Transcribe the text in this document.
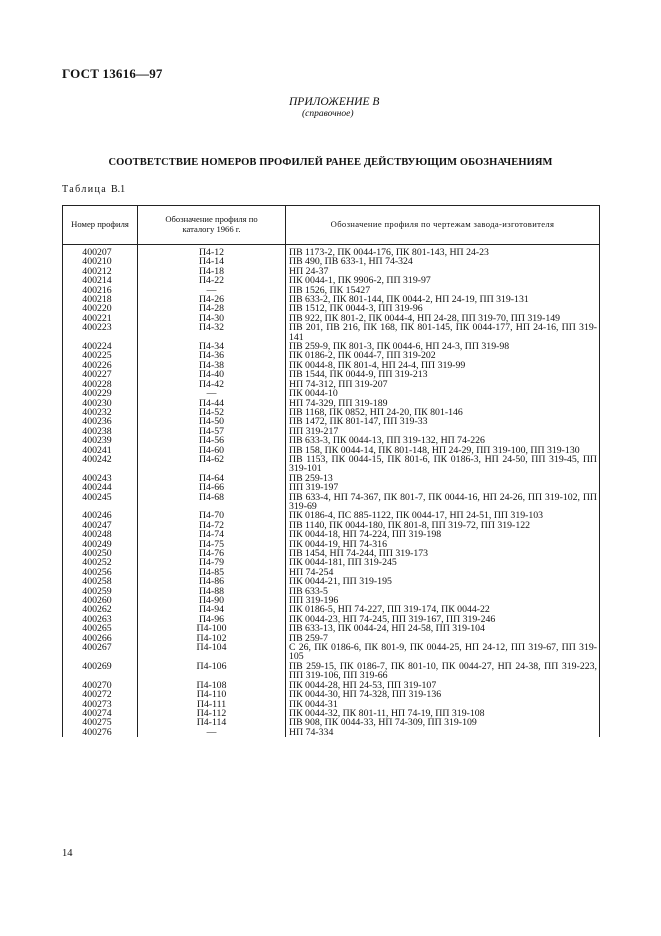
ГОСТ 13616—97
ПРИЛОЖЕНИЕ В
(справочное)
СООТВЕТСТВИЕ НОМЕРОВ ПРОФИЛЕЙ РАНЕЕ ДЕЙСТВУЮЩИМ ОБОЗНАЧЕНИЯМ
Таблица В.1
Номер профиля	Обозначение профиля по каталогу 1966 г.	Обозначение профиля по чертежам завода-изготовителя
400207	П4-12	ПВ 1173-2, ПК 0044-176, ПК 801-143, НП 24-23
400210	П4-14	ПВ 490, ПВ 633-1, НП 74-324
400212	П4-18	НП 24-37
400214	П4-22	ПК 0044-1, ПК 9906-2, ПП 319-97
400216	—	ПВ 1526, ПК 15427
400218	П4-26	ПВ 633-2, ПК 801-144, ПК 0044-2, НП 24-19, ПП 319-131
400220	П4-28	ПВ 1512, ПК 0044-3, ПП 319-96
400221	П4-30	ПВ 922, ПК 801-2, ПК 0044-4, НП 24-28, ПП 319-70, ПП 319-149
400223	П4-32	ПВ 201, ПВ 216, ПК 168, ПК 801-145, ПК 0044-177, НП 24-16, ПП 319-141
400224	П4-34	ПВ 259-9, ПК 801-3, ПК 0044-6, НП 24-3, ПП 319-98
400225	П4-36	ПК 0186-2, ПК 0044-7, ПП 319-202
400226	П4-38	ПК 0044-8, ПК 801-4, НП 24-4, ПП 319-99
400227	П4-40	ПВ 1544, ПК 0044-9, ПП 319-213
400228	П4-42	НП 74-312, ПП 319-207
400229	—	ПК 0044-10
400230	П4-44	НП 74-329, ПП 319-189
400232	П4-52	ПВ 1168, ПК 0852, НП 24-20, ПК 801-146
400236	П4-50	ПВ 1472, ПК 801-147, ПП 319-33
400238	П4-57	ПП 319-217
400239	П4-56	ПВ 633-3, ПК 0044-13, ПП 319-132, НП 74-226
400241	П4-60	ПВ 158, ПК 0044-14, ПК 801-148, НП 24-29, ПП 319-100, ПП 319-130
400242	П4-62	ПВ 1153, ПК 0044-15, ПК 801-6, ПК 0186-3, НП 24-50, ПП 319-45, ПП 319-101
400243	П4-64	ПВ 259-13
400244	П4-66	ПП 319-197
400245	П4-68	ПВ 633-4, НП 74-367, ПК 801-7, ПК 0044-16, НП 24-26, ПП 319-102, ПП 319-69
400246	П4-70	ПК 0186-4, ПС 885-1122, ПК 0044-17, НП 24-51, ПП 319-103
400247	П4-72	ПВ 1140, ПК 0044-180, ПК 801-8, ПП 319-72, ПП 319-122
400248	П4-74	ПК 0044-18, НП 74-224, ПП 319-198
400249	П4-75	ПК 0044-19, НП 74-316
400250	П4-76	ПВ 1454, НП 74-244, ПП 319-173
400252	П4-79	ПК 0044-181, ПП 319-245
400256	П4-85	НП 74-254
400258	П4-86	ПК 0044-21, ПП 319-195
400259	П4-88	ПВ 633-5
400260	П4-90	ПП 319-196
400262	П4-94	ПК 0186-5, НП 74-227, ПП 319-174, ПК 0044-22
400263	П4-96	ПК 0044-23, НП 74-245, ПП 319-167, ПП 319-246
400265	П4-100	ПВ 633-13, ПК 0044-24, НП 24-58, ПП 319-104
400266	П4-102	ПВ 259-7
400267	П4-104	С 26, ПК 0186-6, ПК 801-9, ПК 0044-25, НП 24-12, ПП 319-67, ПП 319-105
400269	П4-106	ПВ 259-15, ПК 0186-7, ПК 801-10, ПК 0044-27, НП 24-38, ПП 319-223, ПП 319-106, ПП 319-66
400270	П4-108	ПК 0044-28, НП 24-53, ПП 319-107
400272	П4-110	ПК 0044-30, НП 74-328, ПП 319-136
400273	П4-111	ПК 0044-31
400274	П4-112	ПК 0044-32, ПК 801-11, НП 74-19, ПП 319-108
400275	П4-114	ПВ 908, ПК 0044-33, НП 74-309, ПП 319-109
400276	—	НП 74-334
14
